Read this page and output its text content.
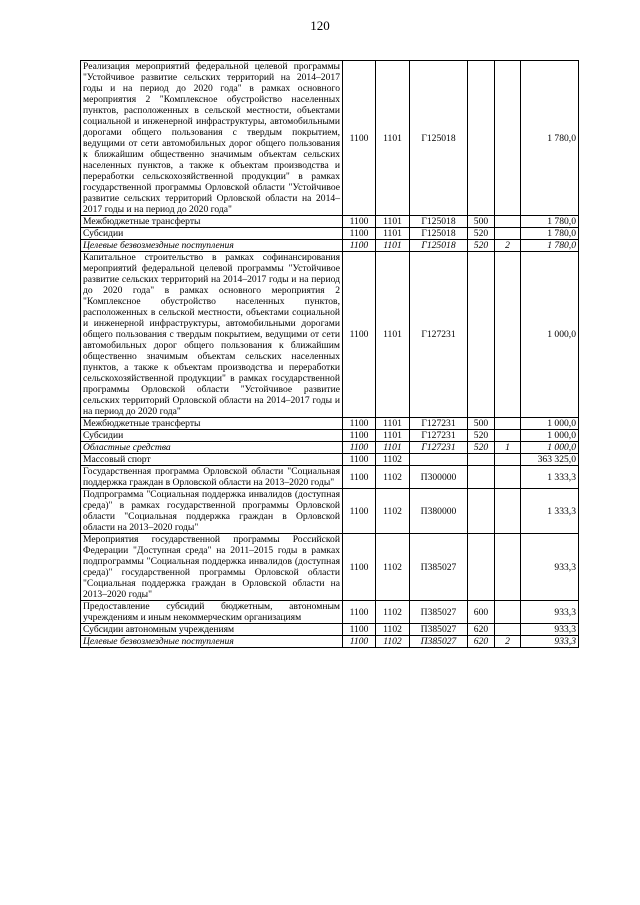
120
Реализация мероприятий федеральной целевой программы "Устойчивое развитие сельских территорий на 2014–2017 годы и на период до 2020 года" в рамках основного мероприятия 2 "Комплексное обустройство населенных пунктов, расположенных в сельской местности, объектами социальной и инженерной инфраструктуры, автомобильными дорогами общего пользования с твердым покрытием, ведущими от сети автомобильных дорог общего пользования к ближайшим общественно значимым объектам сельских населенных пунктов, а также к объектам производства и переработки сельскохозяйственной продукции" в рамках государственной программы Орловской области "Устойчивое развитие сельских территорий Орловской области на 2014–2017 годы и на период до 2020 года"	1100	1101	Г125018			1 780,0
Межбюджетные трансферты	1100	1101	Г125018	500		1 780,0
Субсидии	1100	1101	Г125018	520		1 780,0
Целевые безвозмездные поступления	1100	1101	Г125018	520	2	1 780,0
Капитальное строительство в рамках софинансирования мероприятий федеральной целевой программы "Устойчивое развитие сельских территорий на 2014–2017 годы и на период до 2020 года" в рамках основного мероприятия 2 "Комплексное обустройство населенных пунктов, расположенных в сельской местности, объектами социальной и инженерной инфраструктуры, автомобильными дорогами общего пользования с твердым покрытием, ведущими от сети автомобильных дорог общего пользования к ближайшим общественно значимым объектам сельских населенных пунктов, а также к объектам производства и переработки сельскохозяйственной продукции" в рамках государственной программы Орловской области "Устойчивое развитие сельских территорий Орловской области на 2014–2017 годы и на период до 2020 года"	1100	1101	Г127231			1 000,0
Межбюджетные трансферты	1100	1101	Г127231	500		1 000,0
Субсидии	1100	1101	Г127231	520		1 000,0
Областные средства	1100	1101	Г127231	520	1	1 000,0
Массовый спорт	1100	1102				363 325,0
Государственная программа Орловской области "Социальная поддержка граждан в Орловской области на 2013–2020 годы"	1100	1102	П300000			1 333,3
Подпрограмма "Социальная поддержка инвалидов (доступная среда)" в рамках государственной программы Орловской области "Социальная поддержка граждан в Орловской области на 2013–2020 годы"	1100	1102	П380000			1 333,3
Мероприятия государственной программы Российской Федерации "Доступная среда" на 2011–2015 годы в рамках подпрограммы "Социальная поддержка инвалидов (доступная среда)" государственной программы Орловской области "Социальная поддержка граждан в Орловской области на 2013–2020 годы"	1100	1102	П385027			933,3
Предоставление субсидий бюджетным, автономным учреждениям и иным некоммерческим организациям	1100	1102	П385027	600		933,3
Субсидии автономным учреждениям	1100	1102	П385027	620		933,3
Целевые безвозмездные поступления	1100	1102	П385027	620	2	933,3
